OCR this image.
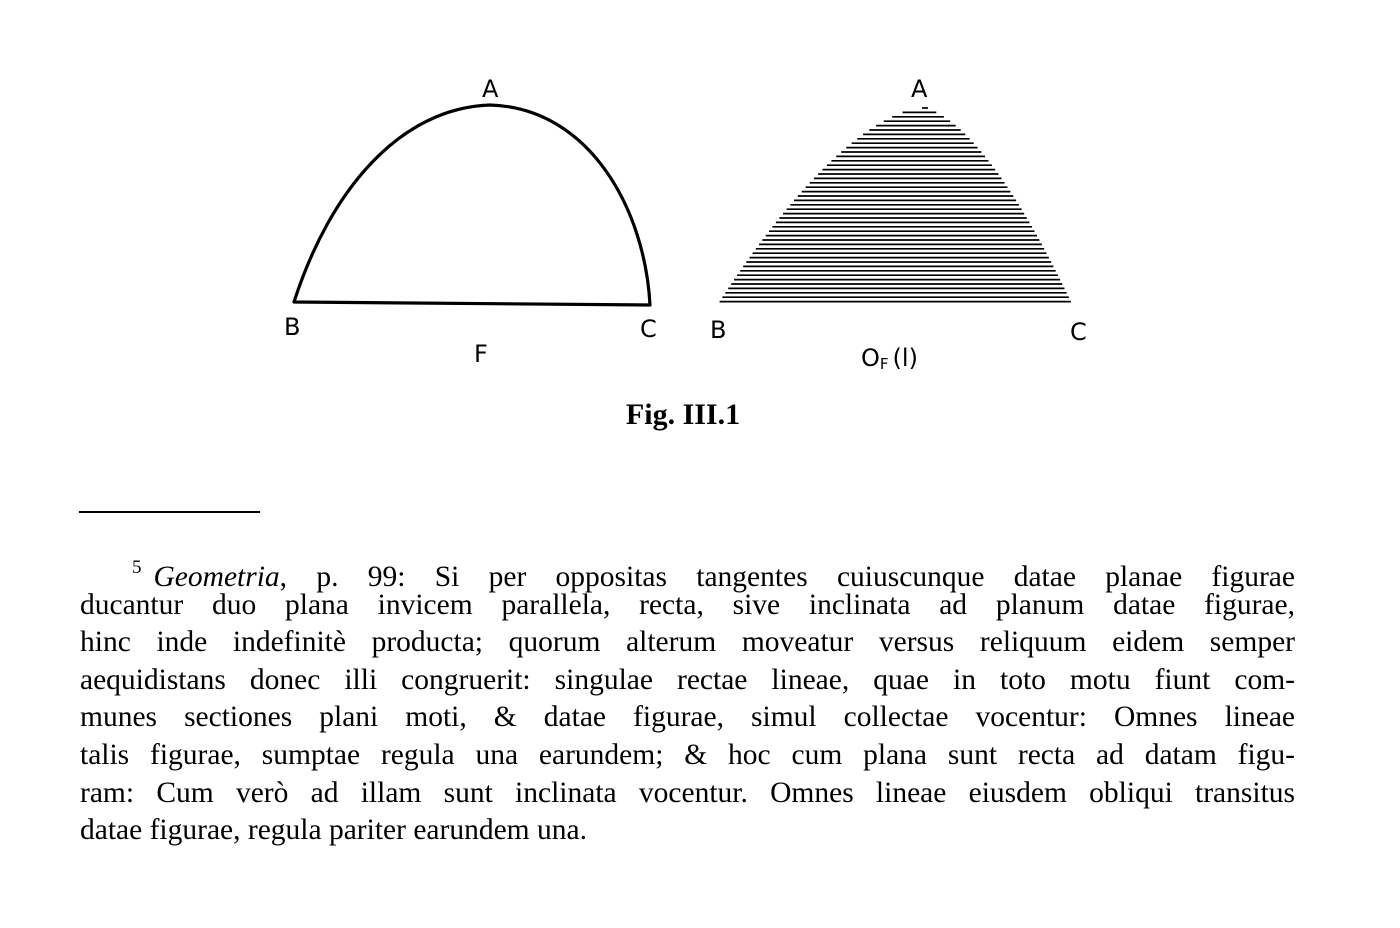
A
B	C
F
A
B	C
OF (l)
Fig. III.1
$^5$ Geometria, p. 99: Si per oppositas tangentes cuiuscunque datae planae figurae
ducantur duo plana invicem parallela, recta, sive inclinata ad planum datae figurae,
hinc inde indefinitè producta; quorum alterum moveatur versus reliquum eidem semper
aequidistans donec illi congruerit: singulae rectae lineae, quae in toto motu fiunt com-
munes sectiones plani moti, & datae figurae, simul collectae vocentur: Omnes lineae
talis figurae, sumptae regula una earundem; & hoc cum plana sunt recta ad datam figu-
ram: Cum verò ad illam sunt inclinata vocentur. Omnes lineae eiusdem obliqui transitus
datae figurae, regula pariter earundem una.
